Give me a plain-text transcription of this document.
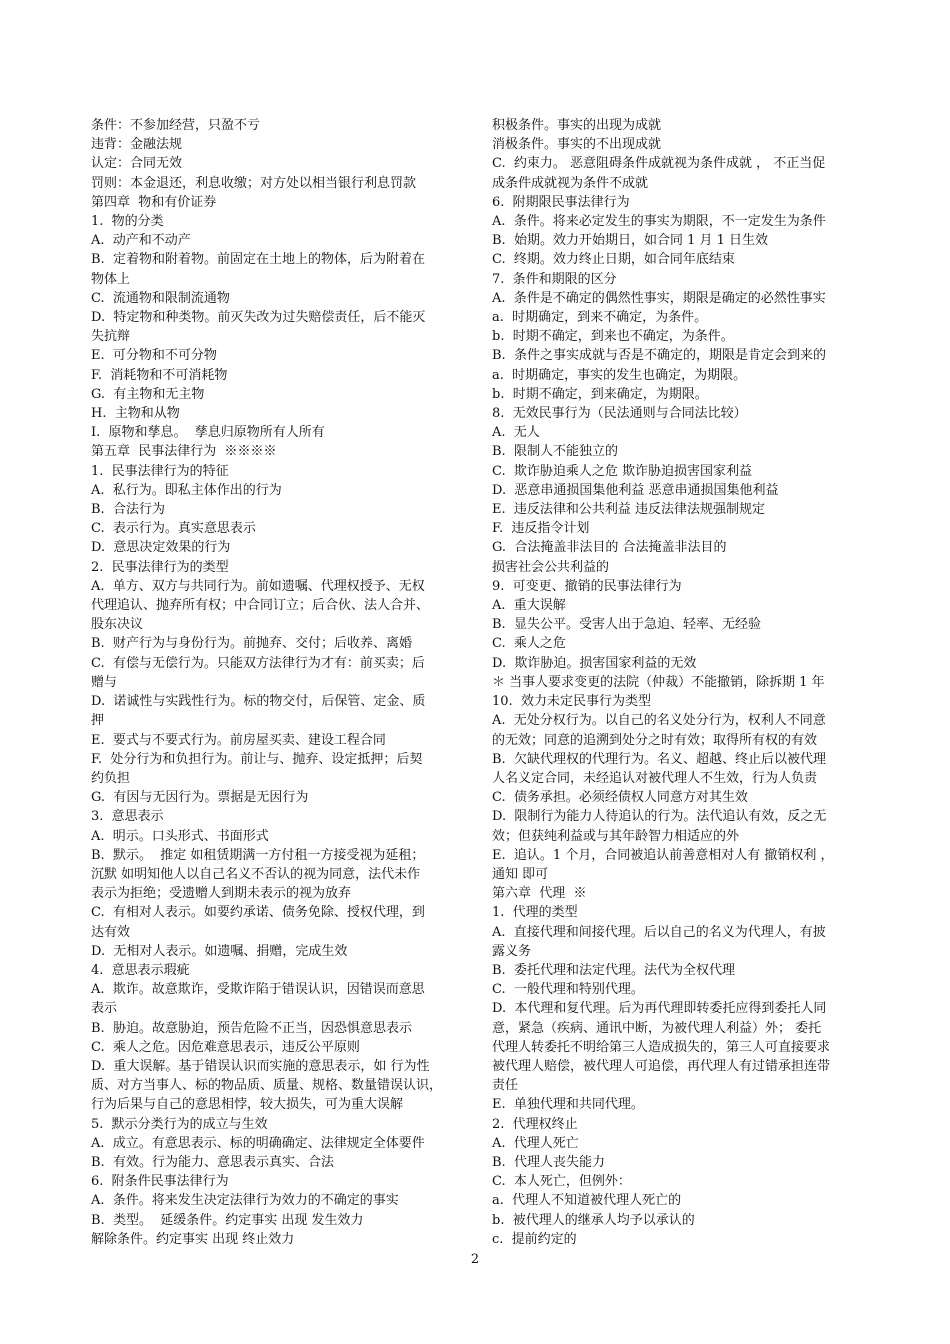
条件：不参加经营，只盈不亏
违背：金融法规
认定：合同无效
罚则：本金退还，利息收缴；对方处以相当银行利息罚款
第四章  物和有价证券
1.  物的分类
A.  动产和不动产
B.  定着物和附着物。前固定在土地上的物体，后为附着在
物体上
C.  流通物和限制流通物
D.  特定物和种类物。前灭失改为过失赔偿责任，后不能灭
失抗辩
E.  可分物和不可分物
F.  消耗物和不可消耗物
G.  有主物和无主物
H.  主物和从物
I.  原物和孳息。  孳息归原物所有人所有
第五章  民事法律行为  ※※※※
1.  民事法律行为的特征
A.  私行为。即私主体作出的行为
B.  合法行为
C.  表示行为。真实意思表示
D.  意思决定效果的行为
2.  民事法律行为的类型
A.  单方、双方与共同行为。前如遗嘱、代理权授予、无权
代理追认、抛弃所有权；中合同订立；后合伙、法人合并、
股东决议
B.  财产行为与身份行为。前抛弃、交付；后收养、离婚
C.  有偿与无偿行为。只能双方法律行为才有：前买卖；后
赠与
D.  诺诚性与实践性行为。标的物交付，后保管、定金、质
押
E.  要式与不要式行为。前房屋买卖、建设工程合同
F.  处分行为和负担行为。前让与、抛弃、设定抵押；后契
约负担
G.  有因与无因行为。票据是无因行为
3.  意思表示
A.  明示。口头形式、书面形式
B.  默示。  推定 如租赁期满一方付租一方接受视为延租；
沉默 如明知他人以自己名义不否认的视为同意，法代未作
表示为拒绝；受遗赠人到期未表示的视为放弃
C.  有相对人表示。如要约承诺、债务免除、授权代理，到
达有效
D.  无相对人表示。如遗嘱、捐赠，完成生效
4.  意思表示瑕疵
A.  欺诈。故意欺诈，受欺诈陷于错误认识，因错误而意思
表示
B.  胁迫。故意胁迫，预告危险不正当，因恐惧意思表示
C.  乘人之危。因危难意思表示，违反公平原则
D.  重大误解。基于错误认识而实施的意思表示，如 行为性
质、对方当事人、标的物品质、质量、规格、数量错误认识，
行为后果与自己的意思相悖，较大损失，可为重大误解
5.  默示分类行为的成立与生效
A.  成立。有意思表示、标的明确确定、法律规定全体要件
B.  有效。行为能力、意思表示真实、合法
6.  附条件民事法律行为
A.  条件。将来发生决定法律行为效力的不确定的事实
B.  类型。  延缓条件。约定事实 出现 发生效力
解除条件。约定事实 出现 终止效力
积极条件。事实的出现为成就
消极条件。事实的不出现成就
C.  约束力。 恶意阻碍条件成就视为条件成就 ， 不正当促
成条件成就视为条件不成就
6.  附期限民事法律行为
A.  条件。将来必定发生的事实为期限，不一定发生为条件
B.  始期。效力开始期日，如合同 1 月 1 日生效
C.  终期。效力终止日期，如合同年底结束
7.  条件和期限的区分
A.  条件是不确定的偶然性事实，期限是确定的必然性事实
a.  时期确定，到来不确定，为条件。
b.  时期不确定，到来也不确定，为条件。
B.  条件之事实成就与否是不确定的，期限是肯定会到来的
a.  时期确定，事实的发生也确定，为期限。
b.  时期不确定，到来确定，为期限。
8.  无效民事行为（民法通则与合同法比较）
A.  无人
B.  限制人不能独立的
C.  欺诈胁迫乘人之危 欺诈胁迫损害国家利益
D.  恶意串通损国集他利益 恶意串通损国集他利益
E.  违反法律和公共利益 违反法律法规强制规定
F.  违反指令计划
G.  合法掩盖非法目的 合法掩盖非法目的
损害社会公共利益的
9.  可变更、撤销的民事法律行为
A.  重大误解
B.  显失公平。受害人出于急迫、轻率、无经验
C.  乘人之危
D.  欺诈胁迫。损害国家利益的无效
＊ 当事人要求变更的法院（仲裁）不能撤销，除拆期 1 年
10.  效力未定民事行为类型
A.  无处分权行为。以自己的名义处分行为，权利人不同意
的无效；同意的追溯到处分之时有效；取得所有权的有效
B.  欠缺代理权的代理行为。名义、超越、终止后以被代理
人名义定合同，未经追认对被代理人不生效，行为人负责
C.  债务承担。必须经债权人同意方对其生效
D.  限制行为能力人待追认的行为。法代追认有效，反之无
效；但获纯利益或与其年龄智力相适应的外
E.  追认。1 个月，合同被追认前善意相对人有 撤销权利 ，
通知 即可
第六章  代理  ※
1.  代理的类型
A.  直接代理和间接代理。后以自己的名义为代理人，有披
露义务
B.  委托代理和法定代理。法代为全权代理
C.  一般代理和特别代理。
D.  本代理和复代理。后为再代理即转委托应得到委托人同
意，紧急（疾病、通讯中断，为被代理人利益）外； 委托
代理人转委托不明给第三人造成损失的，第三人可直接要求
被代理人赔偿，被代理人可追偿，再代理人有过错承担连带
责任
E.  单独代理和共同代理。
2.  代理权终止
A.  代理人死亡
B.  代理人丧失能力
C.  本人死亡，但例外：
a.  代理人不知道被代理人死亡的
b.  被代理人的继承人均予以承认的
c.  提前约定的
2
